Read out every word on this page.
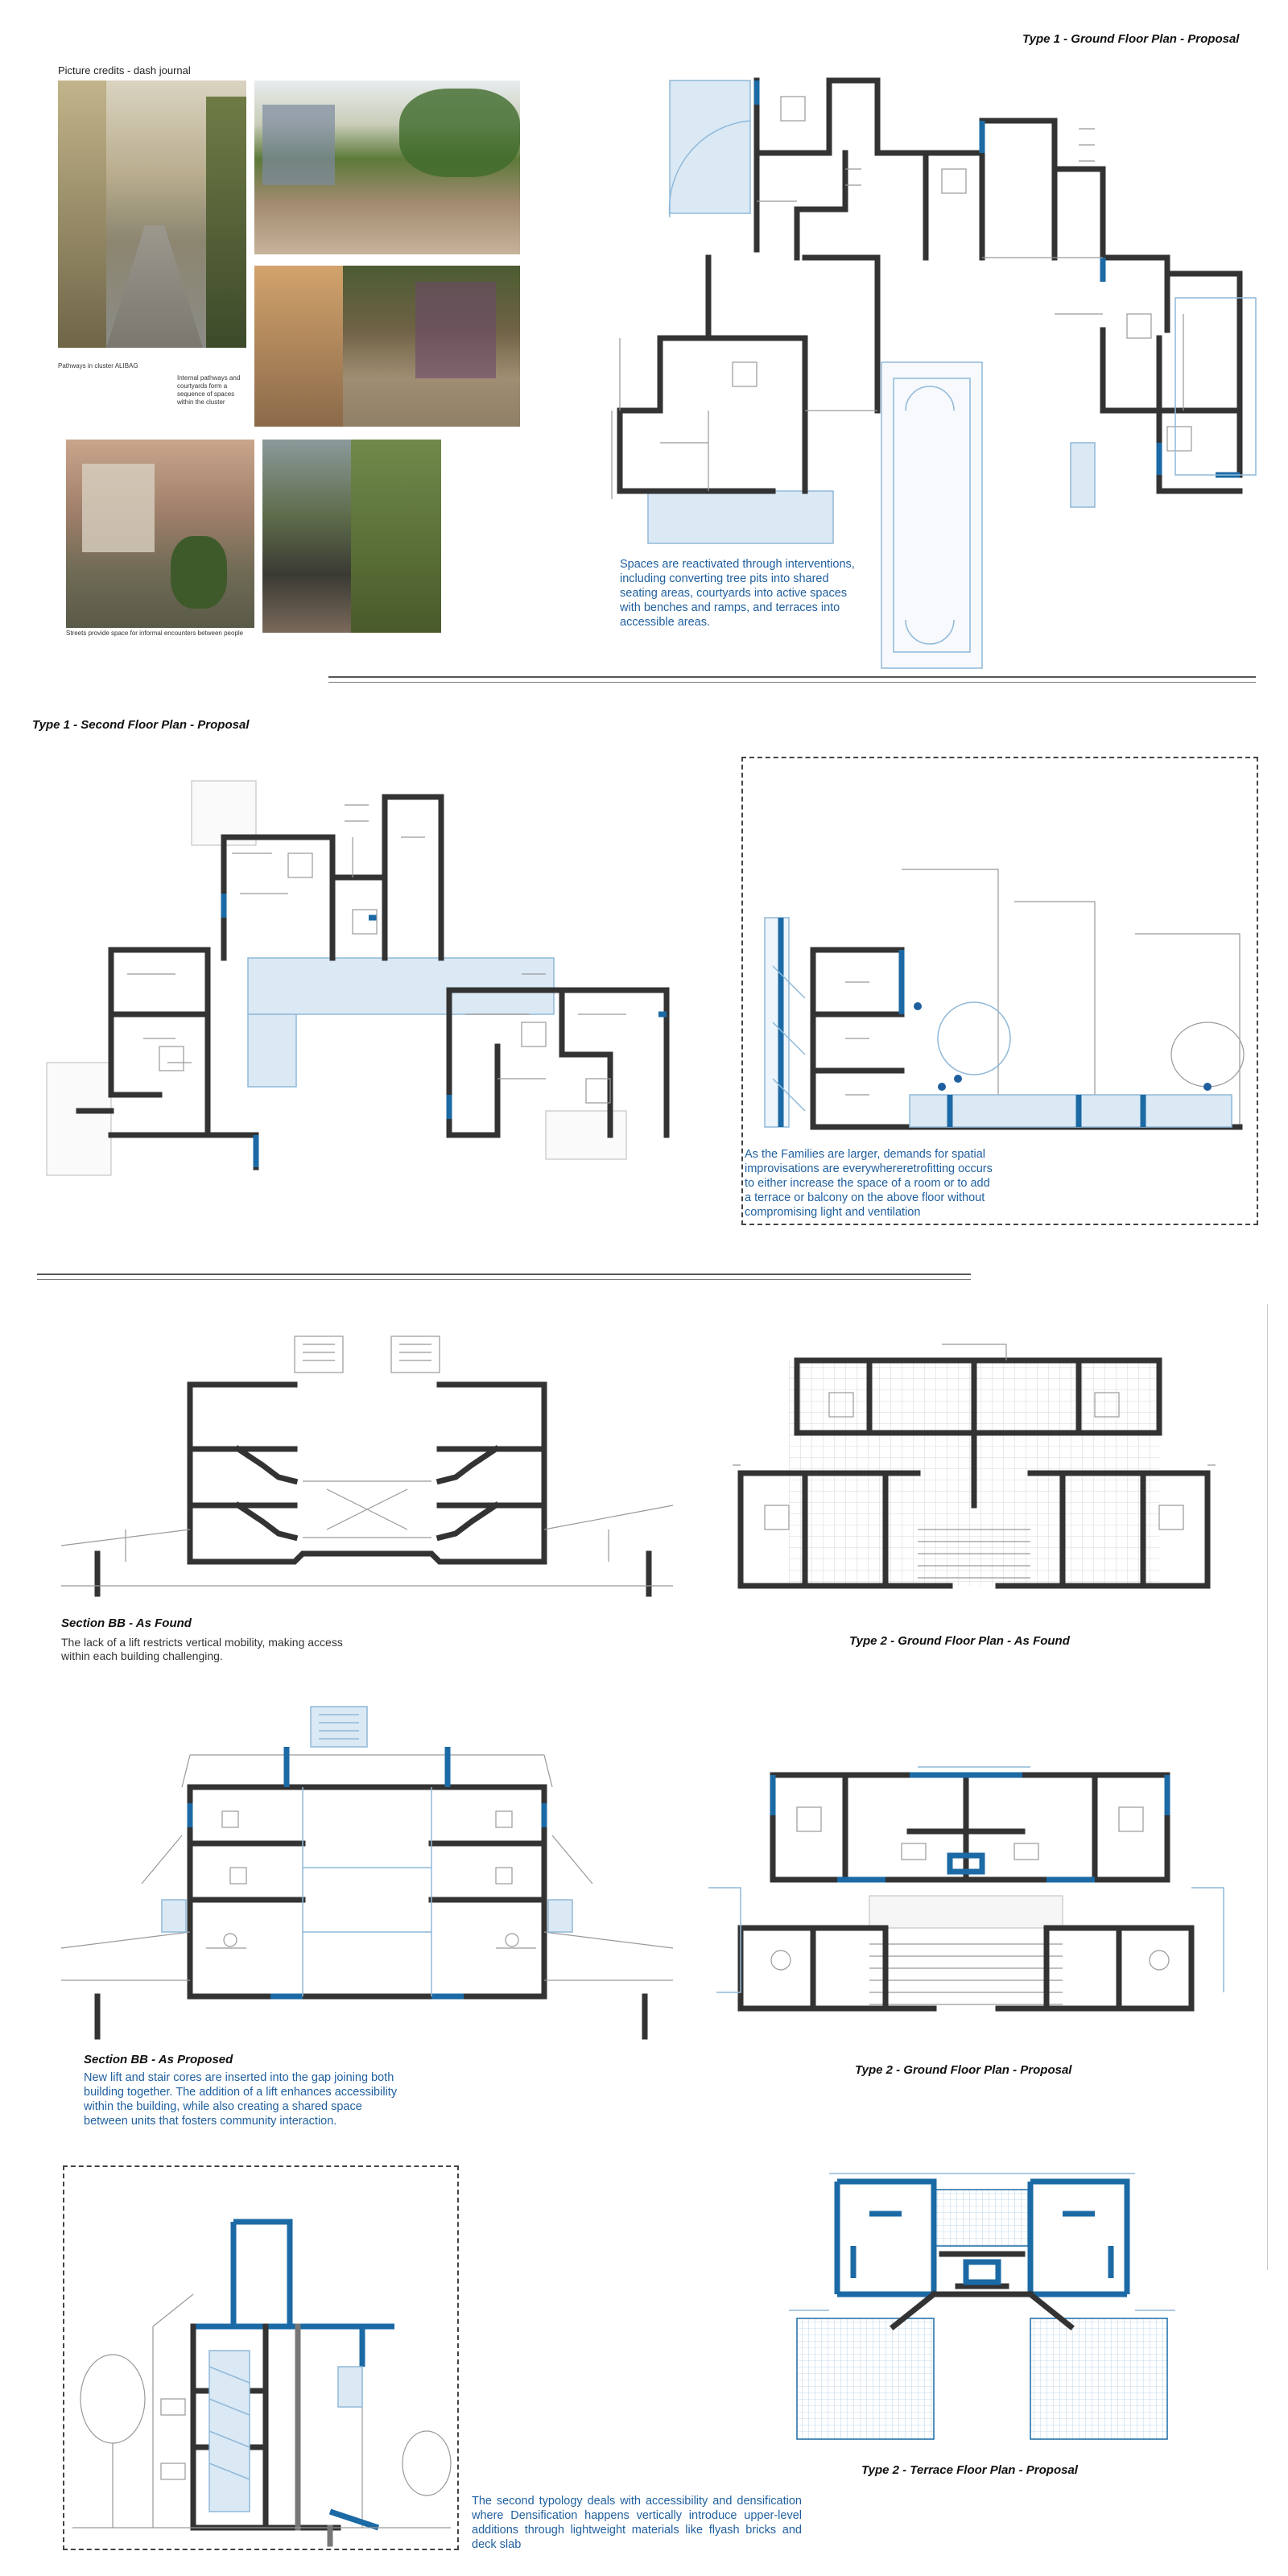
Type 1 - Ground Floor Plan - Proposal
Picture credits - dash journal
Pathways in cluster ALIBAG
Internal pathways and courtyards form a sequence of spaces within the cluster
Streets provide space for informal encounters between people
Spaces are reactivated through interventions, including converting tree pits into shared seating areas, courtyards into active spaces with benches and ramps, and terraces into accessible areas.
Type 1 - Second Floor Plan - Proposal
As the Families are larger, demands for spatial improvisations are everywhereretrofitting occurs to either increase the space of a room or to add a terrace or balcony on the above floor without compromising light and ventilation
Section BB - As Found
The lack of a lift restricts vertical mobility, making access within each building challenging.
Type 2 - Ground Floor Plan - As Found
Section BB - As Proposed
New lift and stair cores are inserted into the gap joining both building together. The addition of a lift enhances accessibility within the building, while also creating a shared space between units that fosters community interaction.
Type 2 - Ground Floor Plan - Proposal
The second typology deals with accessibility and densification where Densification happens vertically introduce upper-level additions through lightweight materials like flyash bricks and deck slab
Type 2 - Terrace Floor Plan - Proposal
